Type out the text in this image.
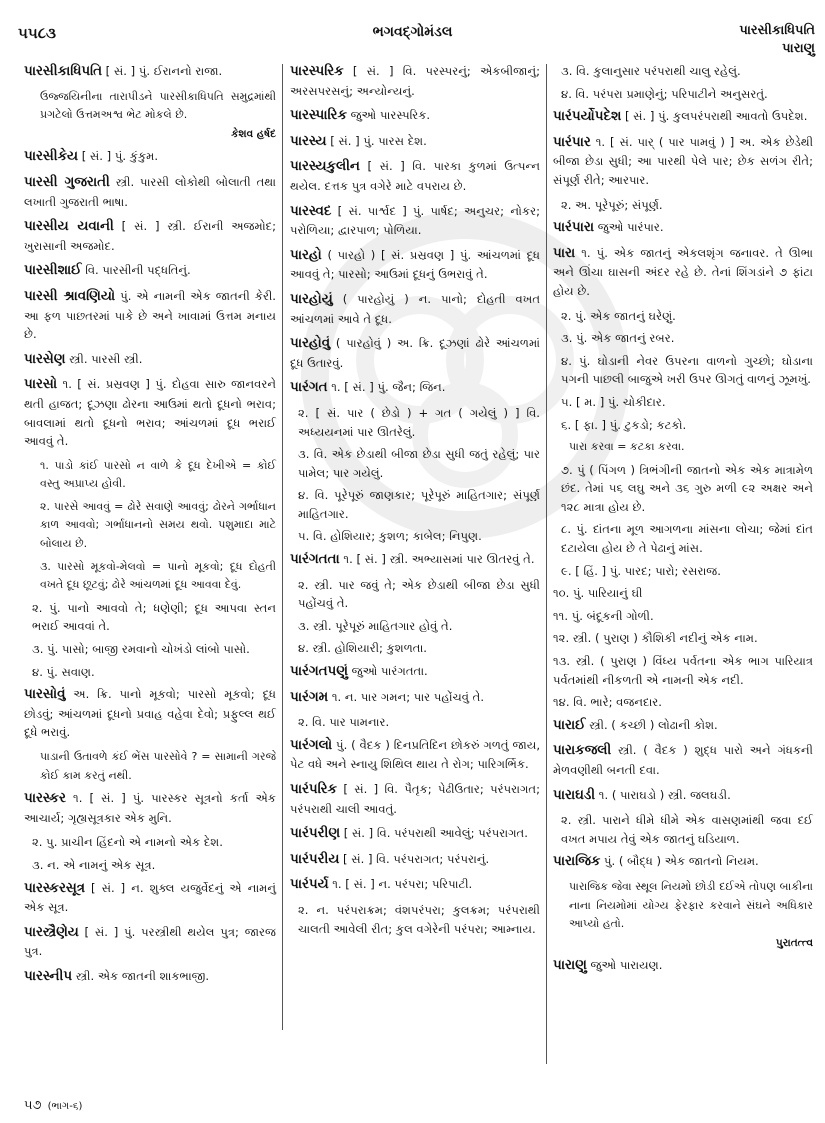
૫૫૮૩	ભગવદ્ગોમંડલ	પારસીકાધિપતિ
પારાણુ
પારસીકાધિપતિ [ સં. ] પું. ઈરાનનો રાજા.
ઉજ્જયિનીના તારાપીડને પારસીકાધિપતિ સમુદ્રમાંથી પ્રગટેલો ઉત્તમઅશ્વ ભેટ મોકલે છે.
કેશવ હર્ષદ
પારસીકેય [ સં. ] પું. કુંકુમ.
પારસી ગુજરાતી સ્ત્રી. પારસી લોકોથી બોલાતી તથા લખાતી ગુજરાતી ભાષા.
પારસીય યવાની [ સં. ] સ્ત્રી. ઈરાની અજમોદ; ખુરાસાની અજમોદ.
પારસીશાઈ વિ. પારસીની પદ્ધતિનું.
પારસી શ્રાવણિયો પું. એ નામની એક જાતની કેરી. આ ફળ પાછતરમાં પાકે છે અને ખાવામાં ઉત્તમ મનાય છે.
પારસેણ સ્ત્રી. પારસી સ્ત્રી.
પારસો ૧. [ સં. પ્રસ્રવણ ] પું. દોહવા સારુ જાનવરને થતી હાજત; દૂઝણા ઢોરના આઉમાં થતો દૂધનો ભરાવ; બાવલામાં થતો દૂધનો ભરાવ; આંચળમાં દૂધ ભરાઈ આવવું તે.
૧. પાડો કાંઈ પારસો ન વાળે કે દૂધ દેખીએ = કોઈ વસ્તુ અપ્રાપ્ય હોવી.
૨. પારસે આવવું = ઢોરે સવાણે આવવું; ઢોરને ગર્ભાધાન કાળ આવવો; ગર્ભાધાનનો સમય થવો. પશુમાદા માટે બોલાય છે.
૩. પારસો મૂકવો-મેલવો = પાનો મૂકવો; દૂધ દોહતી વખતે દૂધ છૂટવું; ઢોરે આંચળમાં દૂધ આવવા દેવું.
૨. પું. પાનો આવવો તે; ધણેણી; દૂધ આપવા સ્તન ભરાઈ આવવાં તે.
૩. પું. પાસો; બાજી રમવાનો ચોખંડો લાંબો પાસો.
૪. પું. સવાણ.
પારસોવું અ. ક્રિ. પાનો મૂકવો; પારસો મૂકવો; દૂધ છોડવું; આંચળમાં દૂધનો પ્રવાહ વહેવા દેવો; પ્રફુલ્લ થઈ દૂધે ભરાવું.
પાડાની ઉતાવળે કંઈ ભેંસ પારસોવે ? = સામાની ગરજે કોઈ કામ કરતું નથી.
પારસ્કર ૧. [ સં. ] પું. પારસ્કર સૂત્રનો કર્તા એક આચાર્ય; ગૃહ્યસૂત્રકાર એક મુનિ.
૨. પુ. પ્રાચીન હિંદનો એ નામનો એક દેશ.
૩. ન. એ નામનું એક સૂત્ર.
પારસ્કરસૂત્ર [ સં. ] ન. શુક્લ યજુર્વેદનું એ નામનું એક સૂત્ર.
પારસ્ત્રૈણેય [ સં. ] પું. પરસ્ત્રીથી થયેલ પુત્ર; જારજ પુત્ર.
પારસ્નીપ સ્ત્રી. એક જાતની શાકભાજી.
પારસ્પરિક [ સં. ] વિ. પરસ્પરનું; એકબીજાનું; અરસપરસનું; અન્યોન્યનું.
પારસ્પારિક જુઓ પારસ્પરિક.
પારસ્ય [ સં. ] પું. પારસ દેશ.
પારસ્યકુલીન [ સં. ] વિ. પારકા કુળમાં ઉત્પન્ન થયેલ. દત્તક પુત્ર વગેરે માટે વપરાય છે.
પારસ્વદ [ સં. પાર્શ્વદ ] પું. પાર્ષદ; અનુચર; નોકર; પરોળિયા; દ્વારપાળ; પોળિયા.
પારહો ( પારહો ) [ સં. પ્રસ્રવણ ] પું. આંચળમાં દૂધ આવવું તે; પારસો; આઉમાં દૂધનું ઉભરાવું તે.
પારહોયું ( પારહોયું ) ન. પાનો; દોહતી વખત આંચળમાં આવે તે દૂધ.
પારહોવું ( પારહોવું ) અ. ક્રિ. દૂઝણાં ઢોરે આંચળમાં દૂધ ઉતારવું.
પારંગત ૧. [ સં. ] પું. જૈન; જિન.
૨. [ સં. પાર ( છેડો ) + ગત ( ગયેલું ) ] વિ. અધ્યયનમાં પાર ઊતરેલું.
૩. વિ. એક છેડાથી બીજા છેડા સુધી જતું રહેલું; પાર પામેલ; પાર ગયેલું.
૪. વિ. પૂરેપૂરું જાણકાર; પૂરેપૂરું માહિતગાર; સંપૂર્ણ માહિતગાર.
૫. વિ. હોશિયાર; કુશળ; કાબેલ; નિપુણ.
પારંગતતા ૧. [ સં. ] સ્ત્રી. અભ્યાસમાં પાર ઊતરવું તે.
૨. સ્ત્રી. પાર જવું તે; એક છેડાથી બીજા છેડા સુધી પહોંચવું તે.
૩. સ્ત્રી. પૂરેપૂરું માહિતગાર હોવું તે.
૪. સ્ત્રી. હોશિયારી; કુશળતા.
પારંગતપણું જુઓ પારંગતતા.
પારંગમ ૧. ન. પાર ગમન; પાર પહોંચવું તે.
૨. વિ. પાર પામનાર.
પારંગલો પું. ( વૈદક ) દિનપ્રતિદિન છોકરું ગળતું જાય, પેટ વધે અને સ્નાયુ શિથિલ થાય તે રોગ; પારિગર્ભિક.
પારંપરિક [ સં. ] વિ. પૈતૃક; પેઢીઉતાર; પરંપરાગત; પરંપરાથી ચાલી આવતું.
પારંપરીણ [ સં. ] વિ. પરંપરાથી આવેલું; પરંપરાગત.
પારંપરીય [ સં. ] વિ. પરંપરાગત; પરંપરાનું.
પારંપર્ય ૧. [ સં. ] ન. પરંપરા; પરિપાટી.
૨. ન. પરંપરાક્રમ; વંશપરંપરા; કુલક્રમ; પરંપરાથી ચાલતી આવેલી રીત; કુલ વગેરેની પરંપરા; આમ્નાય.
૩. વિ. કુલાનુસાર પરંપરાથી ચાલુ રહેલું.
૪. વિ. પરંપરા પ્રમાણેનું; પરિપાટીને અનુસરતું.
પારંપર્યોપદેશ [ સં. ] પું. કુલપરંપરાથી આવતો ઉપદેશ.
પારંપાર ૧. [ સં. પાર્ ( પાર પામવું ) ] અ. એક છેડેથી બીજા છેડા સુધી; આ પારથી પેલે પાર; છેક સળંગ રીતે; સંપૂર્ણ રીતે; આરપાર.
૨. અ. પૂરેપૂરું; સંપૂર્ણ.
પારંપારા જુઓ પારંપાર.
પારા ૧. પું. એક જાતનું એકલશૃંગ જનાવર. તે ઊભા અને ઊંચા ઘાસની અંદર રહે છે. તેનાં શિંગડાંને ૭ ફાંટા હોય છે.
૨. પું. એક જાતનું ઘરેણું.
૩. પું. એક જાતનું રબર.
૪. પું. ઘોડાની નેવર ઉપરના વાળનો ગુચ્છો; ઘોડાના પગની પાછલી બાજુએ ખરી ઉપર ઊગતું વાળનું ઝૂમખું.
૫. [ મ. ] પું. ચોકીદાર.
૬. [ ફા. ] પું. ટુકડો; કટકો.
પારા કરવા = કટકા કરવા.
૭. પું ( પિંગળ ) ત્રિભંગીની જાતનો એક એક માત્રામેળ છંદ. તેમાં ૫૬ લઘુ અને ૩૬ ગુરુ મળી ૯૨ અક્ષર અને ૧૨૮ માત્રા હોય છે.
૮. પું. દાંતના મૂળ આગળના માંસના લોચા; જેમાં દાંત દટાયેલા હોય છે તે પેઢાનું માંસ.
૯. [ હિં. ] પું. પારદ; પારો; રસરાજ.
૧૦. પું. પારિયાનું ઘી
૧૧. પું. બંદૂકની ગોળી.
૧૨. સ્ત્રી. ( પુરાણ ) કૌશિકી નદીનું એક નામ.
૧૩. સ્ત્રી. ( પુરાણ ) વિંધ્ય પર્વતના એક ભાગ પારિયાત્ર પર્વતમાંથી નીકળતી એ નામની એક નદી.
૧૪. વિ. ભારે; વજનદાર.
પારાઈ સ્ત્રી. ( કચ્છી ) લોઢાની કોશ.
પારાકજલી સ્ત્રી. ( વૈદક ) શુદ્ધ પારો અને ગંધકની મેળવણીથી બનતી દવા.
પારાઘડી ૧. ( પારાઘડો ) સ્ત્રી. જલઘડી.
૨. સ્ત્રી. પારાને ધીમે ધીમે એક વાસણમાંથી જવા દઈ વખત મપાય તેવું એક જાતનું ઘડિયાળ.
પારાજિક પું. ( બૌદ્ધ ) એક જાતનો નિયમ.
પારાજિક જેવા સ્થૂલ નિયમો છોડી દઈએ તોપણ બાકીના નાના નિયમોમાં યોગ્ય ફેરફાર કરવાને સંઘને અધિકાર આપ્યો હતો.
પુરાતત્ત્વ
પારાણુ જુઓ પારાયણ.
૫૭ (ભાગ-૬)
